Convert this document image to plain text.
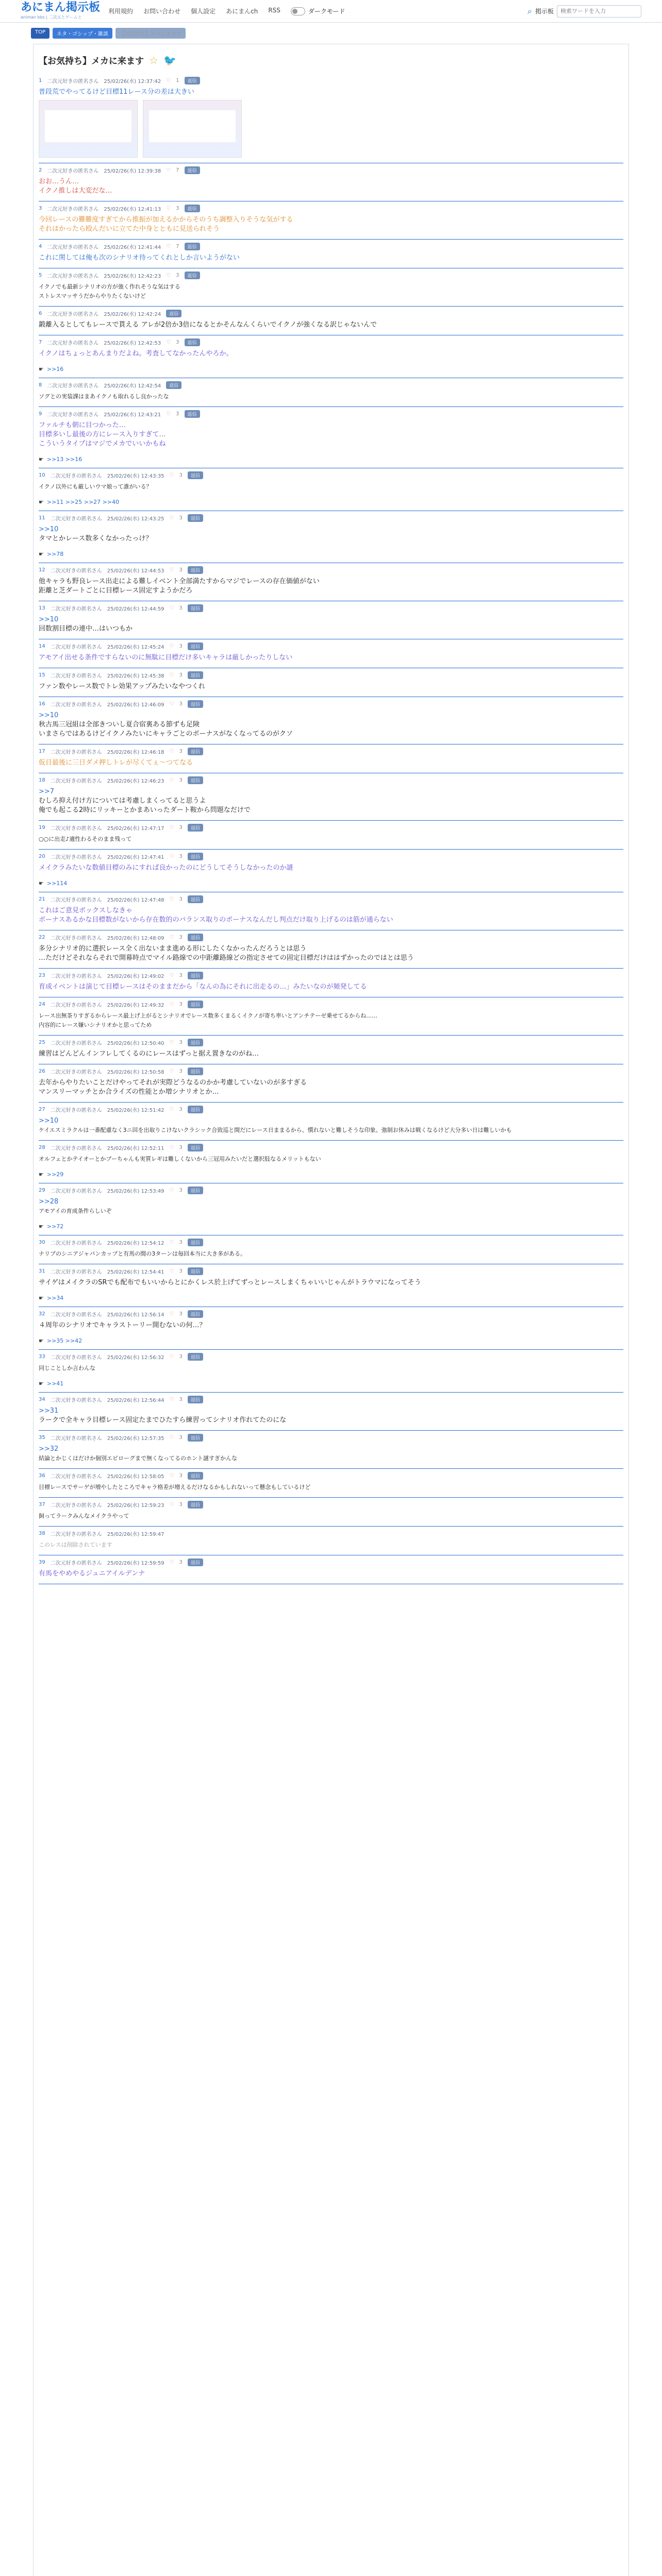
あにまん掲示板
animan bbs | 二次元とゲームと
利用規約 お問い合わせ 個人設定 あにまんch RSS	ダークモード	⌕ 掲示板
検索ワードを入力
TOP	ネタ・ゴシップ・雑談	【お気持ち】メカに来ます
【お気持ち】メカに来ます ☆ 🐦
1 二次元好きの匿名さん 25/02/26(水) 12:37:42 ♡ 1	返信
普段荒でやってるけど目標11レース分の差は大きい
2 二次元好きの匿名さん 25/02/26(水) 12:39:38 ♡ 7	返信
おお…うん…
イクノ推しは大変だな…
3 二次元好きの匿名さん 25/02/26(水) 12:41:13 ♡ 3	返信
今回レースの難難度すぎてから推振が加えるかからそのうち調整入りそうな気がする
それはかったら殴んだいに立てた中身とともに見送られそう
4 二次元好きの匿名さん 25/02/26(水) 12:41:44 ♡ 7	返信
これに関しては俺も次のシナリオ待ってくれとしか言いようがない
5 二次元好きの匿名さん 25/02/26(水) 12:42:23 ♡ 3	返信
イクノでも最新シナリオの方が強く作れそうな気はする
ストレスマッサうだからやりたくないけど
6 二次元好きの匿名さん 25/02/26(水) 12:42:24	返信
鍛離入るとしてもレースで貰える アレが2倍か3倍になるとかそんなんくらいでイクノが強くなる訳じゃないんで
7 二次元好きの匿名さん 25/02/26(水) 12:42:53 ♡ 3	返信
イクノはちょっとあんまりだよね。考査してなかったんやろか。
☛ >>16
8 二次元好きの匿名さん 25/02/26(水) 12:42:54	返信
ソグとの実装課はまあイクノも取れるし良かったな
9 二次元好きの匿名さん 25/02/26(水) 12:43:21 ♡ 3	返信
ファルチも朝に目つかった…
目標多いし最後の方にレース入りすぎて…
こういうタイプはマジでメカでいいかもね
☛ >>13 >>16
10 二次元好きの匿名さん 25/02/26(水) 12:43:35 ♡ 3	返信
イクノ以外にも厳しいウマ娘って誰がいる？
☛ >>11 >>25 >>27 >>40
11 二次元好きの匿名さん 25/02/26(水) 12:43:25 ♡ 3	返信
>>10
タマとかレース数多くなかったっけ？
☛ >>78
12 二次元好きの匿名さん 25/02/26(水) 12:44:53 ♡ 3	返信
他キャラも野良レース出走による難しイベント全部満たすからマジでレースの存在価値がない
距離と芝ダートごとに目標レース固定すようかだろ
13 二次元好きの匿名さん 25/02/26(水) 12:44:59 ♡ 3	返信
>>10
回数割目標の連中…はいつもか
14 二次元好きの匿名さん 25/02/26(水) 12:45:24 ♡ 3	返信
アモアイ出せる条件ですらないのに無駄に目標だけ多いキャラは厳しかったりしない
15 二次元好きの匿名さん 25/02/26(水) 12:45:38 ♡ 3	返信
ファン数やレース数でトレ効果アップみたいなやつくれ
16 二次元好きの匿名さん 25/02/26(水) 12:46:09 ♡ 3	返信
>>10
秋古馬三冠組は全部きついし夏合宿裏ある節ずも足険
いまさらではあるけどイクノみたいにキャラごとのボーナスがなくなってるのがクソ
17 二次元好きの匿名さん 25/02/26(水) 12:46:18 ♡ 3	返信
仮目最後に三日ダメ押しトレが尽くてぇ～つてなる
18 二次元好きの匿名さん 25/02/26(水) 12:46:23 ♡ 3	返信
>>7
むしろ抑え付け方については考慮しまくってると思うよ
俺でも起こる2時にリッキーとかまあいったダート鞍から問題なだけで
19 二次元好きの匿名さん 25/02/26(水) 12:47:17 ♡ 3	返信
○○に出走♪適性わるそのまま残って
20 二次元好きの匿名さん 25/02/26(水) 12:47:41 ♡ 3	返信
メイクラみたいな数値目標のみにすれば良かったのにどうしてそうしなかったのか謎
☛ >>114
21 二次元好きの匿名さん 25/02/26(水) 12:47:48 ♡ 3	返信
これはご意見ボックスしなきゃ
ボーナスあるかな目標数がないから存在数的のバランス取りのボーナスなんだし判点だけ取り上げるのは筋が通らない
22 二次元好きの匿名さん 25/02/26(水) 12:48:09 ♡ 3	返信
多分シナリオ的に選択レース全く出ないまま進める形にしたくなかったんだろうとは思う
…ただけどそれならそれで開幕時点でマイル路線での中距離路線どの指定させての固定目標だけははずかったのではとは思う
23 二次元好きの匿名さん 25/02/26(水) 12:49:02 ♡ 3	返信
育成イベントは演じて目標レースはそのままだから「なんの為にそれに出走るの…」みたいなのが頻発してる
24 二次元好きの匿名さん 25/02/26(水) 12:49:32 ♡ 3	返信
レース出無茶りすぎるからレース最上げ上がるとシナリオでレース数多くまるくイクノが寄ち率いとアンチテーゼ乗せてるからね……
内容的にレース嫌いシナリオかと思ってため
25 二次元好きの匿名さん 25/02/26(水) 12:50:40 ♡ 3	返信
練習はどんどんインフレしてくるのにレースはずっと据え置きなのがね…
26 二次元好きの匿名さん 25/02/26(水) 12:50:58 ♡ 3	返信
去年からやりたいことだけやってそれが実際どうなるのかか考慮していないのが多すぎる
マンスリーマッチとか合ライズの性能とか増シナリオとか…
27 二次元好きの匿名さん 25/02/26(水) 12:51:42 ♡ 3	返信
>>10
ケイエスミラクルは一番配慮なく3ニ回を出取りこけないクラシック合致巡と間だにレース日ままるから、慣れないと難しそうな印象。強制お休みは戦くなるけど大分多い日は難しいかも
28 二次元好きの匿名さん 25/02/26(水) 12:52:11 ♡ 3	返信
オルフェとかテイオーとかブーちゃんも実質レギは難しくないから三冠用みたいだと選択肢なるメリットもない
☛ >>29
29 二次元好きの匿名さん 25/02/26(水) 12:53:49 ♡ 3	返信
>>28
アモアイの育成条件らしいぞ
☛ >>72
30 二次元好きの匿名さん 25/02/26(水) 12:54:12 ♡ 3	返信
ナリブのシニアジャパンカップと有馬の間の3ターンは毎回本当に大き多がある。
31 二次元好きの匿名さん 25/02/26(水) 12:54:41 ♡ 3	返信
サイゲはメイクラのSRでも配布でもいいからとにかくレス於上げてずっとレースしまくちゃいいじゃんがトラウマになってそう
☛ >>34
32 二次元好きの匿名さん 25/02/26(水) 12:56:14 ♡ 3	返信
４周年のシナリオでキャラストーリー開むないの何…？
☛ >>35 >>42
33 二次元好きの匿名さん 25/02/26(水) 12:56:32 ♡ 3	返信
同じことしか言わんな
☛ >>41
34 二次元好きの匿名さん 25/02/26(水) 12:56:44 ♡ 3	返信
>>31
ラークで全キャラ目標レース固定たまでひたすら練習ってシナリオ作れてたのにな
35 二次元好きの匿名さん 25/02/26(水) 12:57:35 ♡ 3	返信
>>32
結論とかじくはだけか個別エピローグまで無くなってるのホント謎すぎかんな
36 二次元好きの匿名さん 25/02/26(水) 12:58:05 ♡ 3	返信
目標レースでサーゲが増やしたところでキャラ格差が増えるだけなるかもしれないって懸念もしているけど
37 二次元好きの匿名さん 25/02/26(水) 12:59:23 ♡ 3	返信
飼ってラークみんなメイクラやって
38 二次元好きの匿名さん 25/02/26(水) 12:59:47
このレスは削除されています
39 二次元好きの匿名さん 25/02/26(水) 12:59:59 ♡ 3	返信
有馬をやめやるジュニアイルデンナ
